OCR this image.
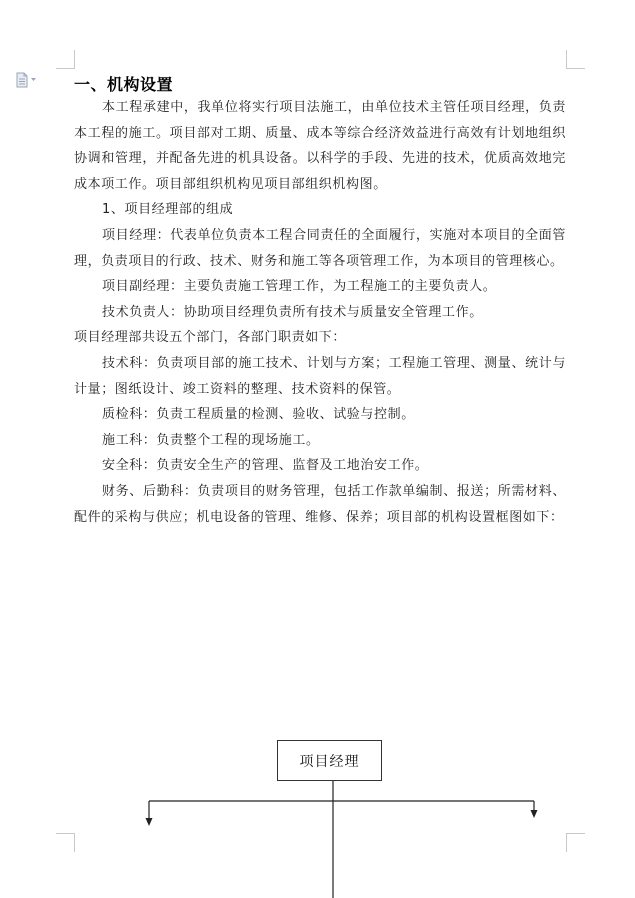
一、机构设置

本工程承建中，我单位将实行项目法施工，由单位技术主管任项目经理，负责本工程的施工。项目部对工期、质量、成本等综合经济效益进行高效有计划地组织协调和管理，并配备先进的机具设备。以科学的手段、先进的技术，优质高效地完成本项工作。项目部组织机构见项目部组织机构图。

1、项目经理部的组成

项目经理：代表单位负责本工程合同责任的全面履行，实施对本项目的全面管理，负责项目的行政、技术、财务和施工等各项管理工作，为本项目的管理核心。

项目副经理：主要负责施工管理工作，为工程施工的主要负责人。

技术负责人：协助项目经理负责所有技术与质量安全管理工作。

项目经理部共设五个部门，各部门职责如下：

技术科：负责项目部的施工技术、计划与方案；工程施工管理、测量、统计与计量；图纸设计、竣工资料的整理、技术资料的保管。

质检科：负责工程质量的检测、验收、试验与控制。

施工科：负责整个工程的现场施工。

安全科：负责安全生产的管理、监督及工地治安工作。

财务、后勤科：负责项目的财务管理，包括工作款单编制、报送；所需材料、配件的采构与供应；机电设备的管理、维修、保养；项目部的机构设置框图如下：

项目经理
